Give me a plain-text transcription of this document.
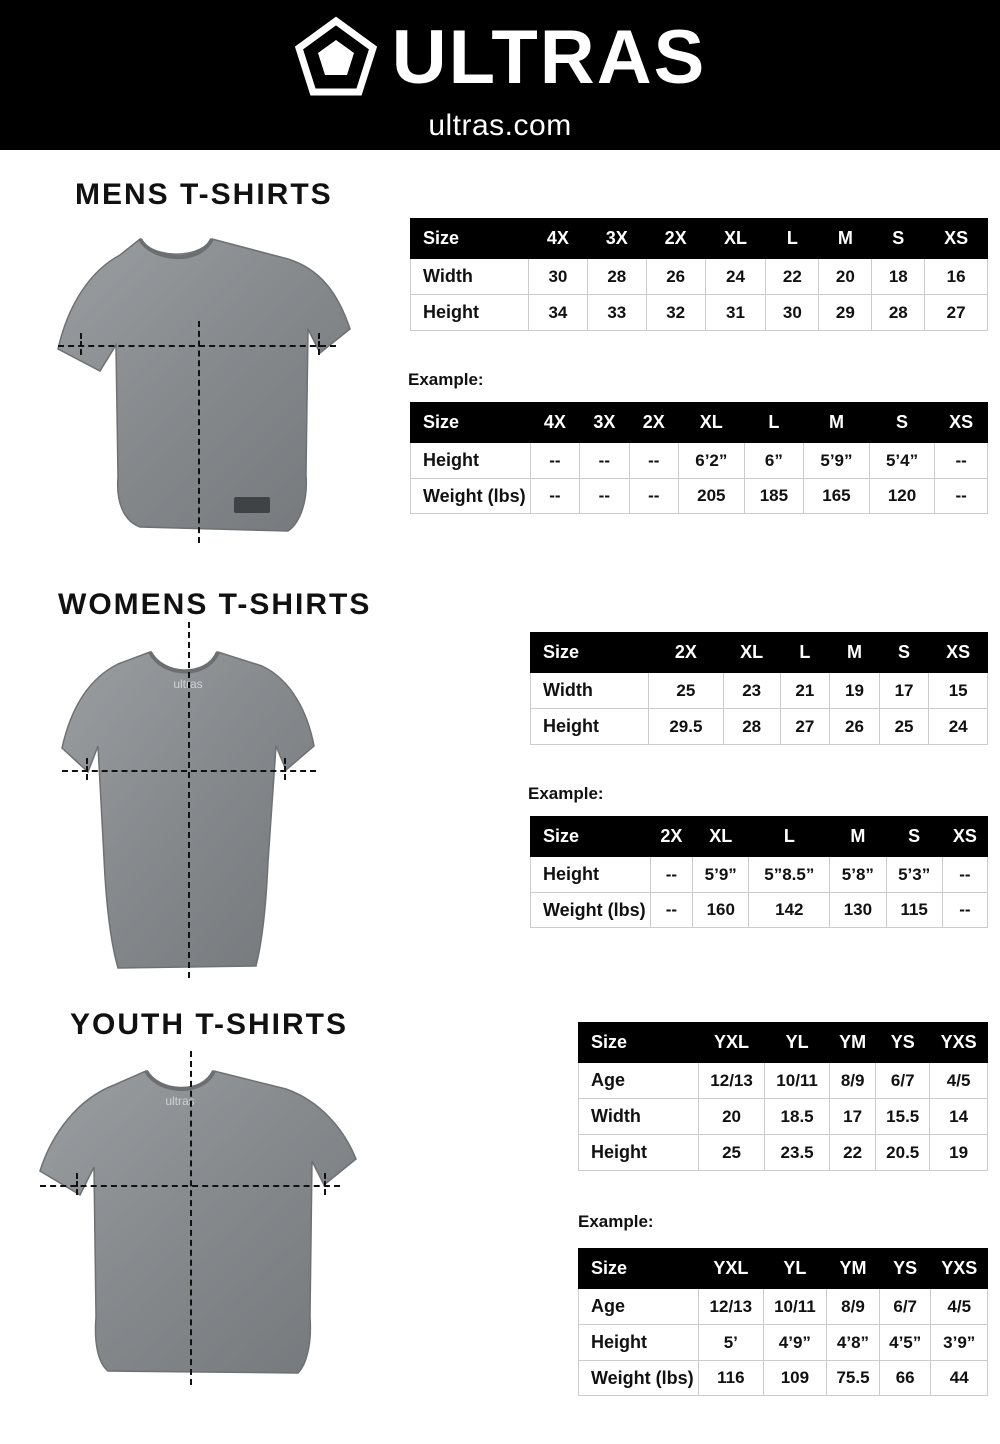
ULTRAS
ultras.com
MENS T-SHIRTS
Size	4X	3X	2X	XL	L	M	S	XS
Width	30	28	26	24	22	20	18	16
Height	34	33	32	31	30	29	28	27
Example:
Size	4X	3X	2X	XL	L	M	S	XS
Height	--	--	--	6’2”	6”	5’9”	5’4”	--
Weight (lbs)	--	--	--	205	185	165	120	--
WOMENS T-SHIRTS
ultras
Size	2X	XL	L	M	S	XS
Width	25	23	21	19	17	15
Height	29.5	28	27	26	25	24
Example:
Size	2X	XL	L	M	S	XS
Height	--	5’9”	5”8.5”	5’8”	5’3”	--
Weight (lbs)	--	160	142	130	115	--
YOUTH T-SHIRTS
ultras
Size	YXL	YL	YM	YS	YXS
Age	12/13	10/11	8/9	6/7	4/5
Width	20	18.5	17	15.5	14
Height	25	23.5	22	20.5	19
Example:
Size	YXL	YL	YM	YS	YXS
Age	12/13	10/11	8/9	6/7	4/5
Height	5’	4’9”	4’8”	4’5”	3’9”
Weight (lbs)	116	109	75.5	66	44
